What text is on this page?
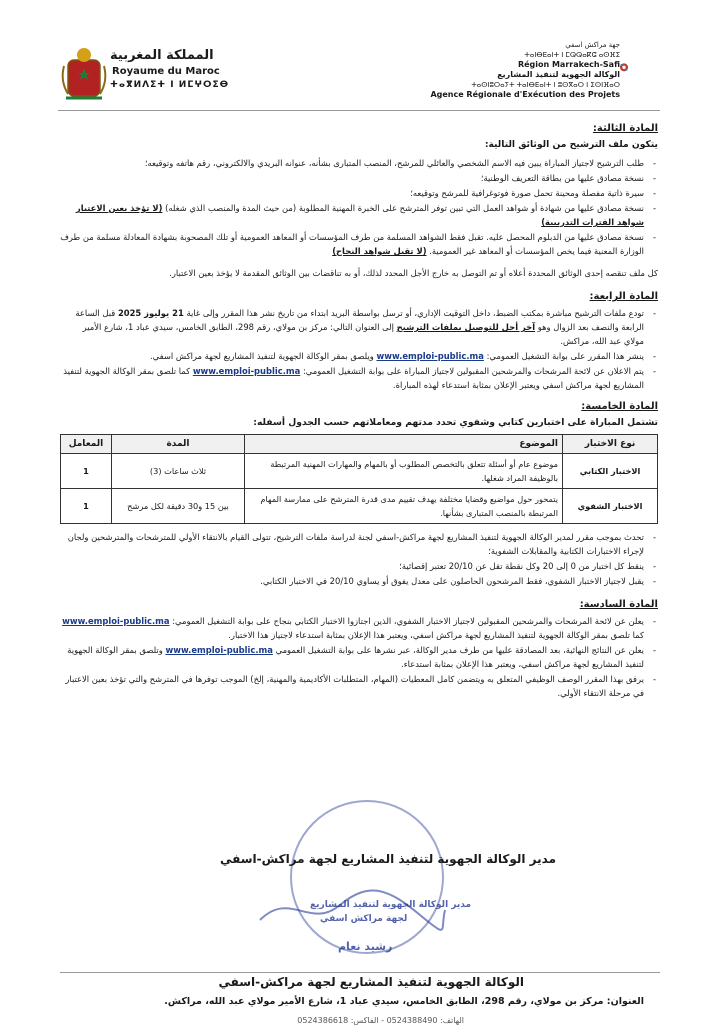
المملكة المغربية
Royaume du Maroc
ⵜⴰⴳⵍⴷⵉⵜ ⵏ ⵍⵎⵖⵔⵉⴱ
جهة مراكش اسفي
ⵜⴰⵏⴱⴹⴰⵏⵜ ⵏ ⵎⵕⵕⴰⴽⵛ ⴰⵙⴼⵉ
Région Marrakech-Safi
الوكالة الجهوية لتنفيذ المشاريع
ⵜⴰⵙⵏⵓⵔⴰⵢⵜ ⵜⴰⵏⴱⴹⴰⵏⵜ ⵏ ⵓⵙⴳⴰⵔ ⵏ ⵉⵙⵏⴼⴰⵔ
Agence Régionale d'Exécution des Projets
المادة الثالثة:
يتكون ملف الترشيح من الوثائق التالية:
- طلب الترشيح لاجتياز المباراة يبين فيه الاسم الشخصي والعائلي للمرشح، المنصب المتبارى بشأنه، عنوانه البريدي والالكتروني، رقم هاتفه وتوقيعه؛
- نسخة مصادق عليها من بطاقة التعريف الوطنية؛
- سيرة ذاتية مفصلة ومحينة تحمل صورة فوتوغرافية للمرشح وتوقيعه؛
- نسخة مصادق عليها من شهادة أو شواهد العمل التي تبين توفر المترشح على الخبرة المهنية المطلوبة (من حيث المدة والمنصب الذي شغله) (لا تؤخذ بعين الاعتبار شواهد الفترات التدريبية)
- نسخة مصادق عليها من الدبلوم المحصل عليه. تقبل فقط الشواهد المسلمة من طرف المؤسسات أو المعاهد العمومية أو تلك المصحوبة بشهادة المعادلة مسلمة من طرف الوزارة المعنية فيما يخص المؤسسات أو المعاهد غير العمومية. (لا تقبل شواهد النجاح)
كل ملف تنقصه إحدى الوثائق المحددة أعلاه أو تم التوصل به خارج الأجل المحدد لذلك، أو به تناقضات بين الوثائق المقدمة لا يؤخذ بعين الاعتبار.
المادة الرابعة:
- تودع ملفات الترشيح مباشرة بمكتب الضبط، داخل التوقيت الإداري، أو ترسل بواسطة البريد ابتداء من تاريخ نشر هذا المقرر وإلى غاية 21 يوليوز 2025 قبل الساعة الرابعة والنصف بعد الزوال وهو آخر أجل للتوصيل بملفات الترشيح إلى العنوان التالي: مركز بن مولاي، رقم 298، الطابق الخامس، سيدي عباد 1، شارع الأمير مولاي عبد الله، مراكش.
- ينشر هذا المقرر على بوابة التشغيل العمومي: www.emploi-public.ma ويلصق بمقر الوكالة الجهوية لتنفيذ المشاريع لجهة مراكش اسفي.
- يتم الاعلان عن لائحة المرشحات والمرشحين المقبولين لاجتياز المباراة على بوابة التشغيل العمومي: www.emploi-public.ma كما تلصق بمقر الوكالة الجهوية لتنفيذ المشاريع لجهة مراكش اسفي ويعتبر الإعلان بمثابة استدعاء لهذه المباراة.
المادة الخامسة:
تشتمل المباراة على اختبارين كتابي وشفوي تحدد مدتهم ومعاملاتهم حسب الجدول أسفله:
نوع الاختبار	الموضوع	المدة	المعامل
الاختبار الكتابي	موضوع عام أو أسئلة تتعلق بالتخصص المطلوب أو بالمهام والمهارات المهنية المرتبطة بالوظيفة المراد شغلها.	ثلاث ساعات (3)	1
الاختبار الشفوي	يتمحور حول مواضيع وقضايا مختلفة يهدف تقييم مدى قدرة المترشح على ممارسة المهام المرتبطة بالمنصب المتبارى بشأنها.	بين 15 و30 دقيقة لكل مرشح	1
- تحدث بموجب مقرر لمدير الوكالة الجهوية لتنفيذ المشاريع لجهة مراكش-اسفي لجنة لدراسة ملفات الترشيح، تتولى القيام بالانتقاء الأولي للمترشحات والمترشحين ولجان لإجراء الاختبارات الكتابية والمقابلات الشفوية؛
- ينقط كل اختبار من 0 إلى 20 وكل نقطة تقل عن 20/10 تعتبر إقصائية؛
- يقبل لاجتياز الاختبار الشفوي، فقط المرشحون الحاصلون على معدل يفوق أو يساوي 20/10 في الاختبار الكتابي.
المادة السادسة:
- يعلن عن لائحة المرشحات والمرشحين المقبولين لاجتياز الاختبار الشفوي، الذين اجتازوا الاختبار الكتابي بنجاح على بوابة التشغيل العمومي: www.emploi-public.ma كما تلصق بمقر الوكالة الجهوية لتنفيذ المشاريع لجهة مراكش اسفي، ويعتبر هذا الإعلان بمثابة استدعاء لاجتياز هذا الاختبار.
- يعلن عن النتائج النهائية، بعد المصادقة عليها من طرف مدير الوكالة، عبر نشرها على بوابة التشغيل العمومي www.emploi-public.ma وتلصق بمقر الوكالة الجهوية لتنفيذ المشاريع لجهة مراكش اسفي، ويعتبر هذا الإعلان بمثابة استدعاء.
- يرفق بهذا المقرر الوصف الوظيفي المتعلق به ويتضمن كامل المعطيات (المهام، المتطلبات الأكاديمية والمهنية، إلخ) الموجب توفرها في المترشح والتي تؤخذ بعين الاعتبار في مرحلة الانتقاء الأولي.
مدير الوكالة الجهوية لتنفيذ المشاريع لجهة مراكش-اسفي
مدير الوكالة الجهوية لتنفيذ المشاريع
لجهة مراكش اسفي
رشيد نعام
الوكالة الجهوية لتنفيذ المشاريع لجهة مراكش-اسفي
العنوان: مركز بن مولاي، رقم 298، الطابق الخامس، سيدي عباد 1، شارع الأمير مولاي عبد الله، مراكش.
الهاتف: 0524388490 - الفاكس: 0524386618
